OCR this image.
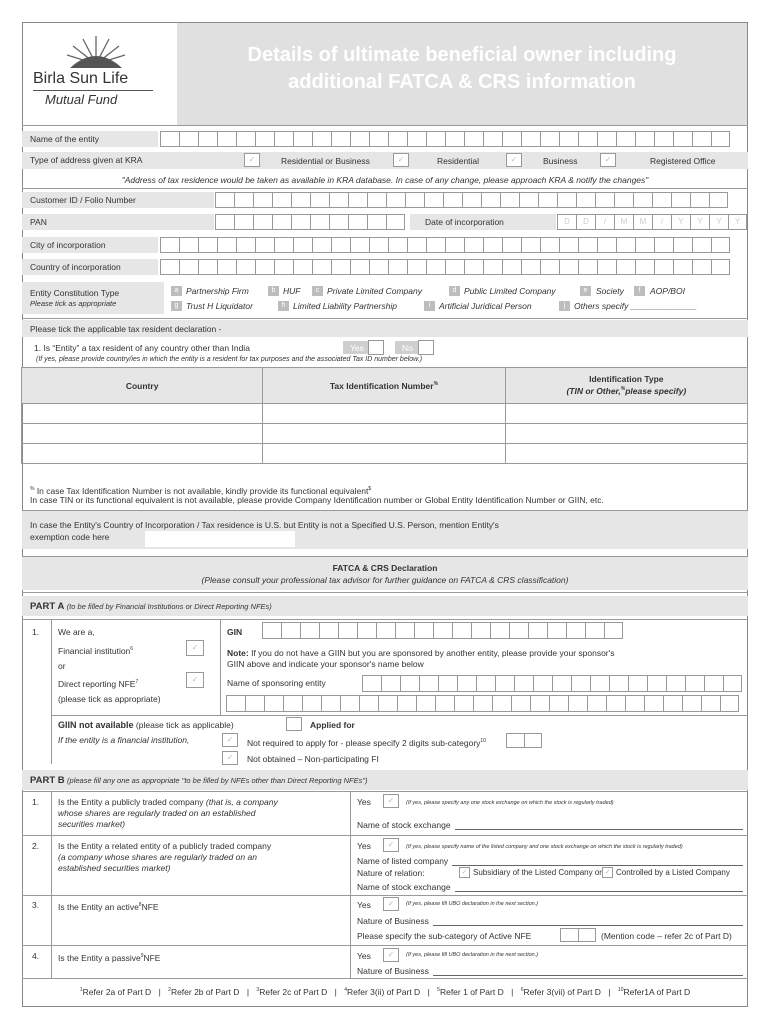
Birla Sun Life
Mutual Fund
Details of ultimate beneficial owner including
additional FATCA & CRS information
Name of the entity
Type of address given at KRA	✓	Residential or Business	✓	Residential	✓	Business	✓	Registered Office
"Address of tax residence would be taken as available in KRA database. In case of any change, please approach KRA & notify the changes"
Customer ID / Folio Number
PAN	Date of incorporation	D	D	/	M	M	/	Y	Y	Y	Y
City of incorporation
Country of incorporation
Entity Constitution Type
Please tick as appropriate
a Partnership Firm	b HUF	c Private Limited Company	d Public Limited Company	e	Society	f	AOP/BOI
g Trust H Liquidator	h Limited Liability Partnership	i	Artificial Juridical Person	j	Others specify ______________
Please tick the applicable tax resident declaration -
1. Is “Entity” a tax resident of any country other than India	Yes	No
(If yes, please provide country/ies in which the entity is a resident for tax purposes and the associated Tax ID number below.)
Country	Tax Identification Number%	Identification Type
(TIN or Other,%please specify)

% In case Tax Identification Number is not available, kindly provide its functional equivalent$
In case TIN or its functional equivalent is not available, please provide Company Identification number or Global Entity Identification Number or GIIN, etc.
In case the Entity's Country of Incorporation / Tax residence is U.S. but Entity is not a Specified U.S. Person, mention Entity's
exemption code here
FATCA & CRS Declaration
(Please consult your professional tax advisor for further guidance on FATCA & CRS classification)
PART A (to be filled by Financial Institutions or Direct Reporting NFEs)
1. We are a,
Financial institution$^6$	✓
or
Direct reporting NFE$^7$	✓
(please tick as appropriate)
GIN
Note: If you do not have a GIIN but you are sponsored by another entity, please provide your sponsor's
GIIN above and indicate your sponsor's name below
Name of sponsoring entity
GIIN not available (please tick as applicable)	Applied for
If the entity is a financial institution,	✓	Not required to apply for - please specify 2 digits sub-category$^{10}$
✓	Not obtained – Non-participating FI
PART B (please fill any one as appropriate "to be filled by NFEs other than Direct Reporting NFEs")
1. Is the Entity a publicly traded company (that is, a company
whose shares are regularly traded on an established
securities market)
Yes	✓	(If yes, please specify any one stock exchange on which the stock is regularly traded)
Name of stock exchange
2. Is the Entity a related entity of a publicly traded company
(a company whose shares are regularly traded on an
established securities market)
Yes	✓	(If yes, please specify name of the listed company and one stock exchange on which the stock is regularly traded)
Name of listed company
Nature of relation:	✓ Subsidiary of the Listed Company or ✓ Controlled by a Listed Company
Name of stock exchange
3. Is the Entity an active$^8$NFE	Yes	✓	(If yes, please fill UBO declaration in the next section.)
Nature of Business
Please specify the sub-category of Active NFE	(Mention code – refer 2c of Part D)
4. Is the Entity a passive$^9$NFE	Yes	✓	(If yes, please fill UBO declaration in the next section.)
Nature of Business
$^1$Refer 2a of Part D | $^2$Refer 2b of Part D | $^3$Refer 2c of Part D | $^4$Refer 3(ii) of Part D | $^5$Refer 1 of Part D | $^6$Refer 3(vii) of Part D | $^{10}$Refer1A of Part D
